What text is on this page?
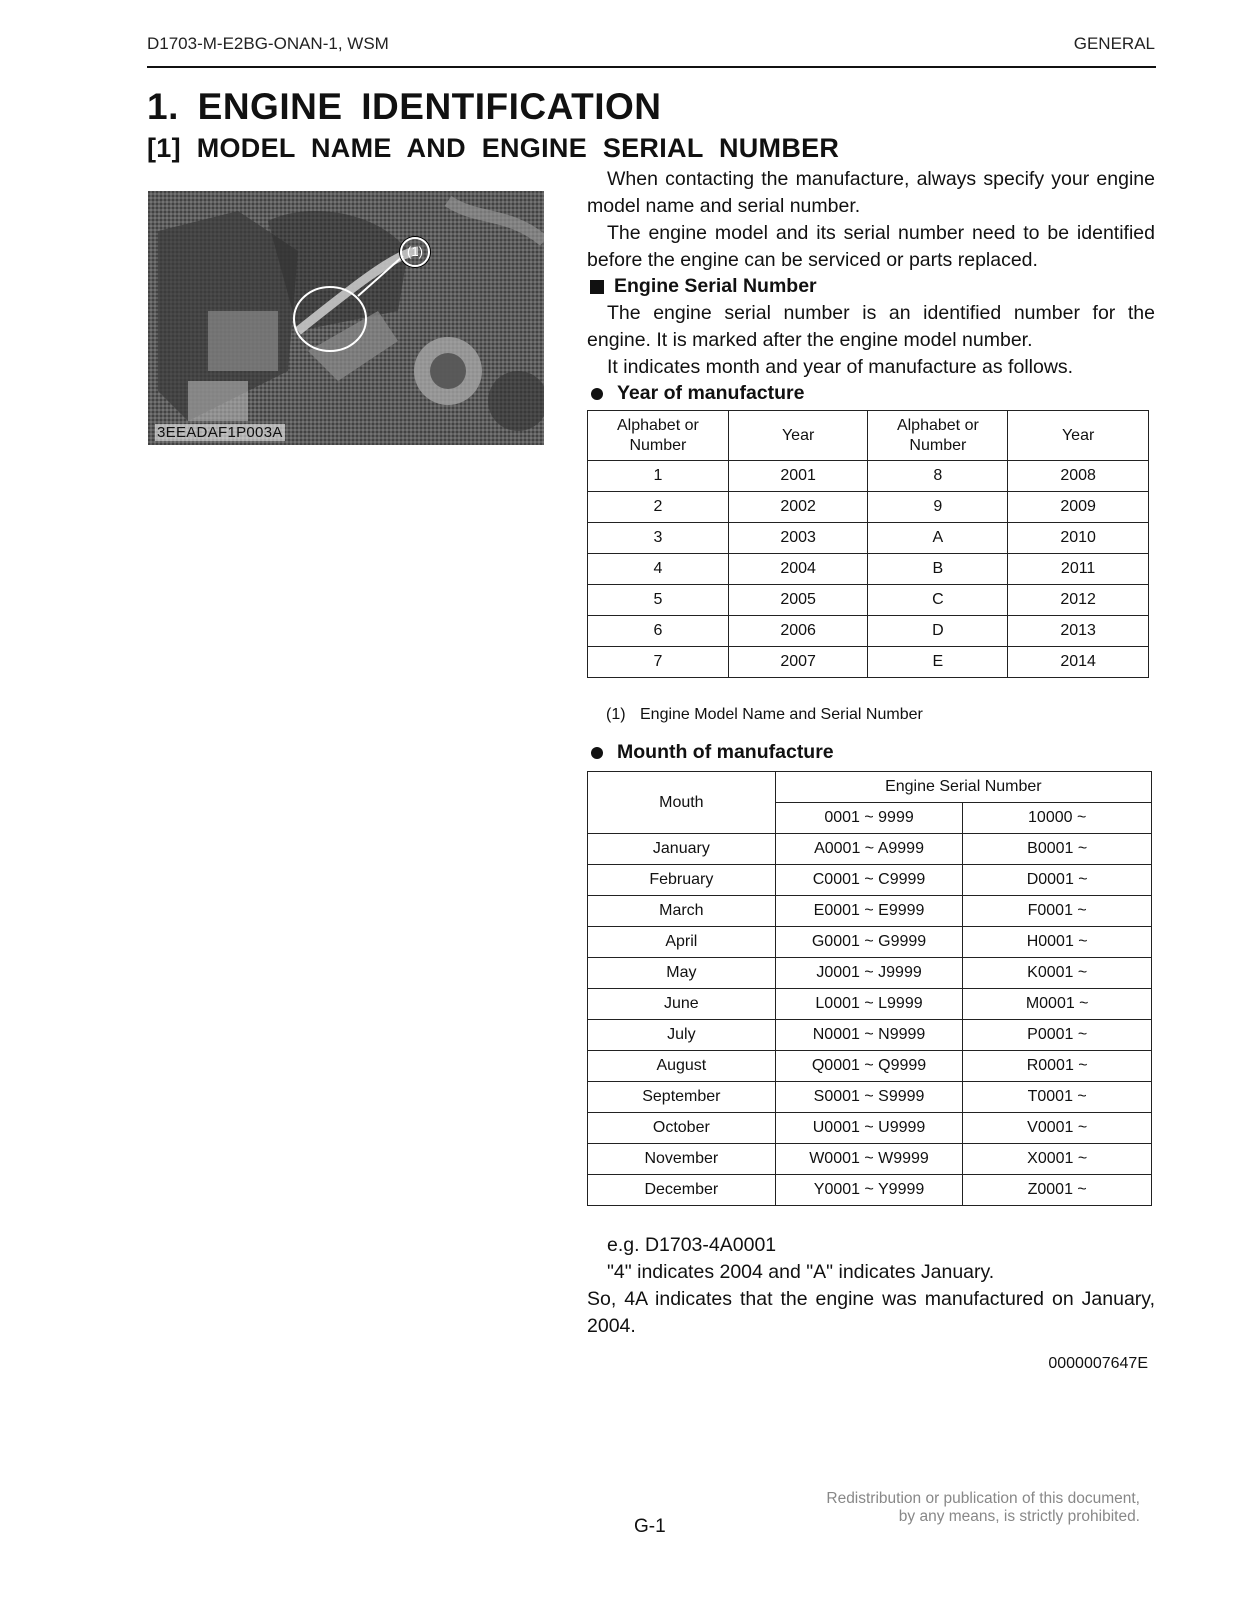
D1703-M-E2BG-ONAN-1, WSM	GENERAL
1. ENGINE IDENTIFICATION
[1] MODEL NAME AND ENGINE SERIAL NUMBER
(1)
3EEADAF1P003A
When contacting the manufacture, always specify your engine model name and serial number.
The engine model and its serial number need to be identified before the engine can be serviced or parts replaced.
Engine Serial Number
The engine serial number is an identified number for the engine. It is marked after the engine model number.
It indicates month and year of manufacture as follows.
Year of manufacture
Alphabet or Number	Year	Alphabet or Number	Year
1	2001	8	2008
2	2002	9	2009
3	2003	A	2010
4	2004	B	2011
5	2005	C	2012
6	2006	D	2013
7	2007	E	2014
(1) Engine Model Name and Serial Number
Mounth of manufacture
Mouth	Engine Serial Number	
	0001 ~ 9999	10000 ~
January	A0001 ~ A9999	B0001 ~
February	C0001 ~ C9999	D0001 ~
March	E0001 ~ E9999	F0001 ~
April	G0001 ~ G9999	H0001 ~
May	J0001 ~ J9999	K0001 ~
June	L0001 ~ L9999	M0001 ~
July	N0001 ~ N9999	P0001 ~
August	Q0001 ~ Q9999	R0001 ~
September	S0001 ~ S9999	T0001 ~
October	U0001 ~ U9999	V0001 ~
November	W0001 ~ W9999	X0001 ~
December	Y0001 ~ Y9999	Z0001 ~
e.g. D1703-4A0001
"4" indicates 2004 and "A" indicates January.
So, 4A indicates that the engine was manufactured on January, 2004.
0000007647E
Redistribution or publication of this document,
by any means, is strictly prohibited.
G-1
